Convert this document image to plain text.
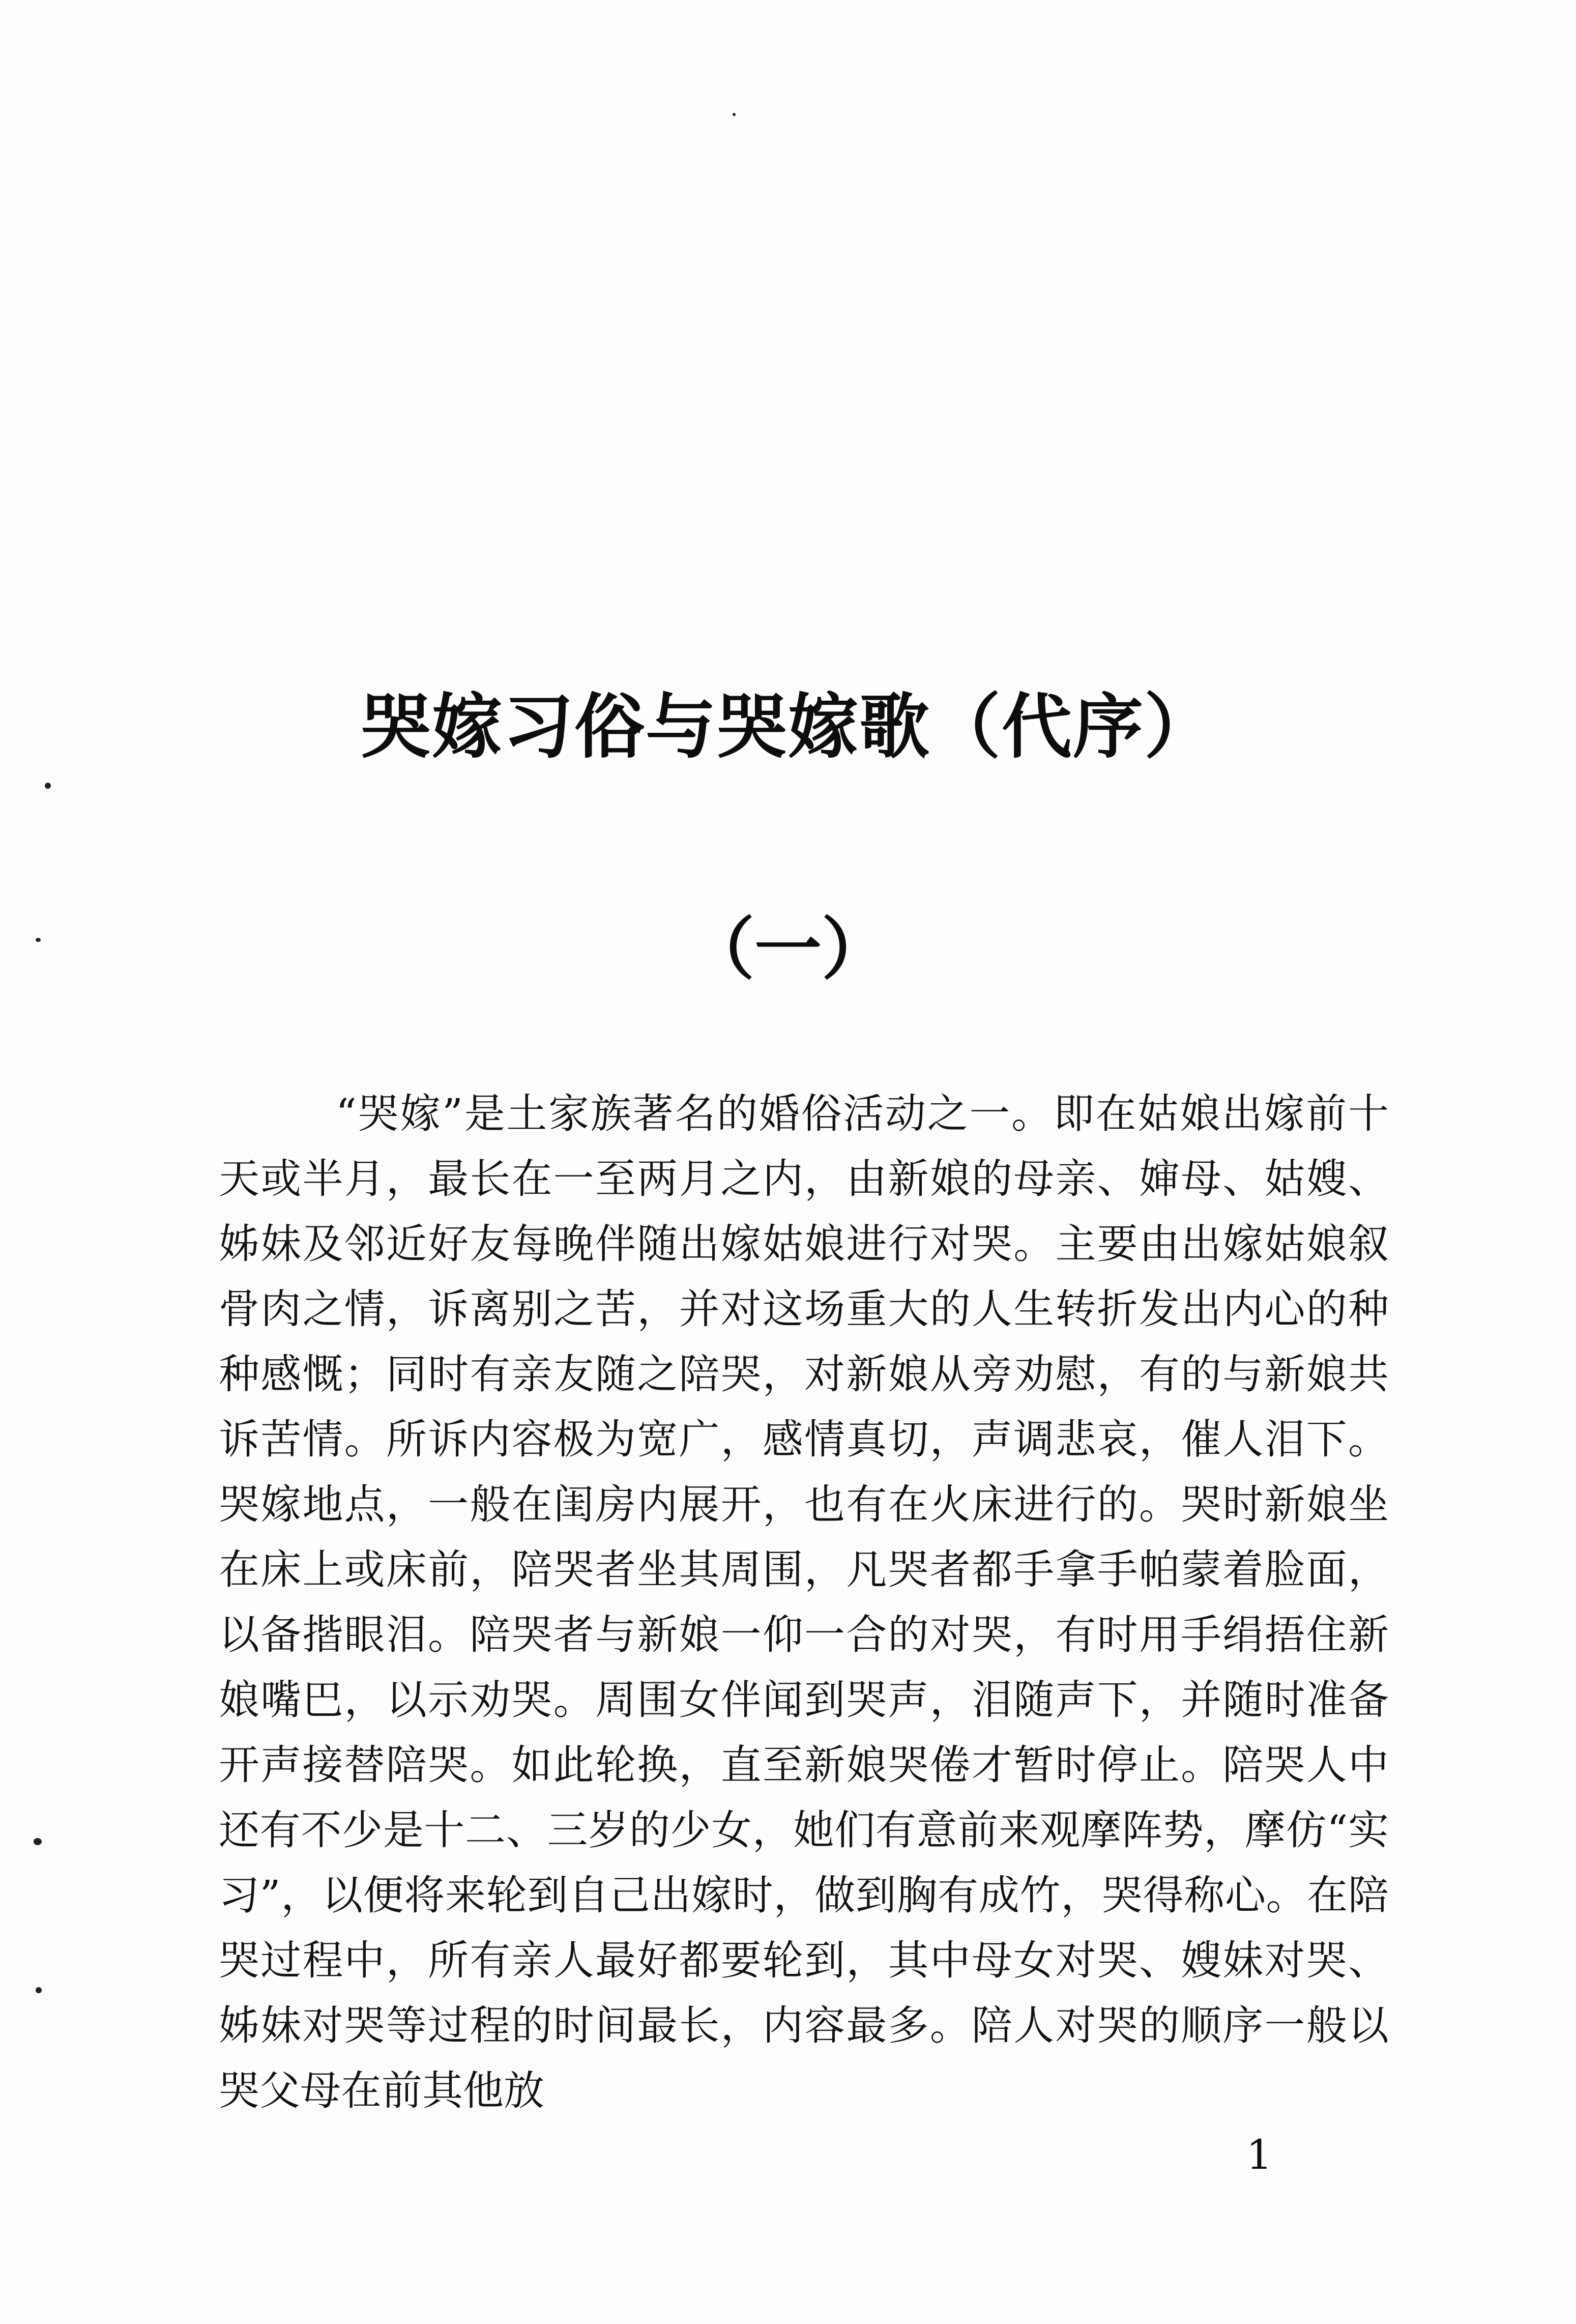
哭嫁习俗与哭嫁歌（代序）
（一）

“哭嫁”是土家族著名的婚俗活动之一。即在姑娘出嫁前十天或半月，最长在一至两月之内，由新娘的母亲、婶母、姑嫂、姊妹及邻近好友每晚伴随出嫁姑娘进行对哭。主要由出嫁姑娘叙骨肉之情，诉离别之苦，并对这场重大的人生转折发出内心的种种感慨；同时有亲友随之陪哭，对新娘从旁劝慰，有的与新娘共诉苦情。所诉内容极为宽广，感情真切，声调悲哀，催人泪下。哭嫁地点，一般在闺房内展开，也有在火床进行的。哭时新娘坐在床上或床前，陪哭者坐其周围，凡哭者都手拿手帕蒙着脸面，以备揩眼泪。陪哭者与新娘一仰一合的对哭，有时用手绢捂住新娘嘴巴，以示劝哭。周围女伴闻到哭声，泪随声下，并随时准备开声接替陪哭。如此轮换，直至新娘哭倦才暂时停止。陪哭人中还有不少是十二、三岁的少女，她们有意前来观摩阵势，摩仿“实习”，以便将来轮到自己出嫁时，做到胸有成竹，哭得称心。在陪哭过程中，所有亲人最好都要轮到，其中母女对哭、嫂妹对哭、姊妹对哭等过程的时间最长，内容最多。陪人对哭的顺序一般以哭父母在前其他放

1
